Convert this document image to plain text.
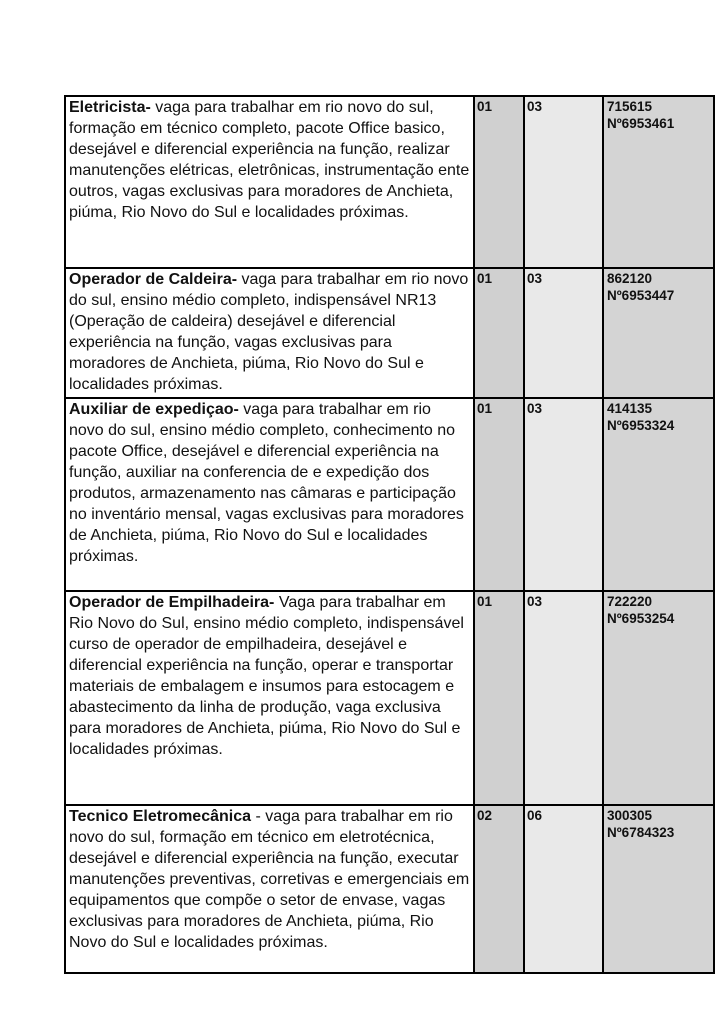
Eletricista- vaga para trabalhar em rio novo do sul, formação em técnico completo, pacote Office basico, desejável e diferencial experiência na função, realizar manutenções elétricas, eletrônicas, instrumentação ente outros, vagas exclusivas para moradores de Anchieta, piúma, Rio Novo do Sul e localidades próximas.	01	03	715615
Nº6953461

Operador de Caldeira- vaga para trabalhar em rio novo do sul, ensino médio completo, indispensável NR13 (Operação de caldeira) desejável e diferencial experiência na função, vagas exclusivas para moradores de Anchieta, piúma, Rio Novo do Sul e localidades próximas.	01	03	862120
Nº6953447

Auxiliar de expediçao- vaga para trabalhar em rio novo do sul, ensino médio completo, conhecimento no pacote Office, desejável e diferencial experiência na função, auxiliar na conferencia de e expedição dos produtos, armazenamento nas câmaras e participação no inventário mensal, vagas exclusivas para moradores de Anchieta, piúma, Rio Novo do Sul e localidades próximas.	01	03	414135
Nº6953324

Operador de Empilhadeira- Vaga para trabalhar em Rio Novo do Sul, ensino médio completo, indispensável curso de operador de empilhadeira, desejável e diferencial experiência na função, operar e transportar materiais de embalagem e insumos para estocagem e abastecimento da linha de produção, vaga exclusiva para moradores de Anchieta, piúma, Rio Novo do Sul e localidades próximas.	01	03	722220
Nº6953254

Tecnico Eletromecânica - vaga para trabalhar em rio novo do sul, formação em técnico em eletrotécnica, desejável e diferencial experiência na função, executar manutenções preventivas, corretivas e emergenciais em equipamentos que compõe o setor de envase, vagas exclusivas para moradores de Anchieta, piúma, Rio Novo do Sul e localidades próximas.	02	06	300305
Nº6784323
